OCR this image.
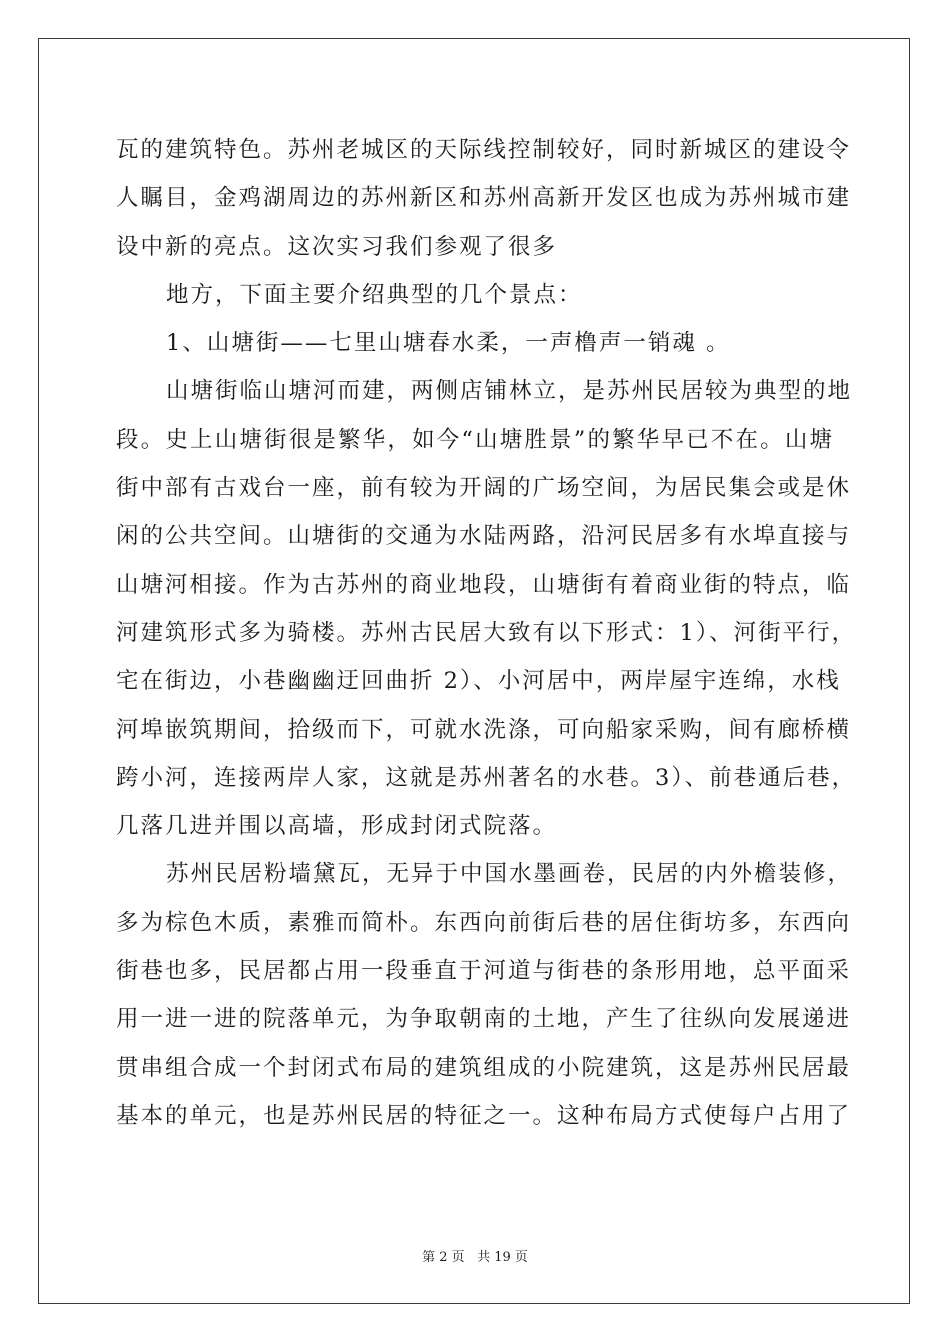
瓦的建筑特色。苏州老城区的天际线控制较好，同时新城区的建设令
人瞩目，金鸡湖周边的苏州新区和苏州高新开发区也成为苏州城市建
设中新的亮点。这次实习我们参观了很多
地方，下面主要介绍典型的几个景点：
1、山塘街——七里山塘春水柔，一声橹声一销魂 。
山塘街临山塘河而建，两侧店铺林立，是苏州民居较为典型的地
段。史上山塘街很是繁华，如今“山塘胜景”的繁华早已不在。山塘
街中部有古戏台一座，前有较为开阔的广场空间，为居民集会或是休
闲的公共空间。山塘街的交通为水陆两路，沿河民居多有水埠直接与
山塘河相接。作为古苏州的商业地段，山塘街有着商业街的特点，临
河建筑形式多为骑楼。苏州古民居大致有以下形式：1）、河街平行，
宅在街边，小巷幽幽迂回曲折 2）、小河居中，两岸屋宇连绵，水栈
河埠嵌筑期间，拾级而下，可就水洗涤，可向船家采购，间有廊桥横
跨小河，连接两岸人家，这就是苏州著名的水巷。3）、前巷通后巷，
几落几进并围以高墙，形成封闭式院落。
苏州民居粉墙黛瓦，无异于中国水墨画卷，民居的内外檐装修，
多为棕色木质，素雅而简朴。东西向前街后巷的居住街坊多，东西向
街巷也多，民居都占用一段垂直于河道与街巷的条形用地，总平面采
用一进一进的院落单元，为争取朝南的土地，产生了往纵向发展递进
贯串组合成一个封闭式布局的建筑组成的小院建筑，这是苏州民居最
基本的单元，也是苏州民居的特征之一。这种布局方式使每户占用了
第 2 页 共 19 页
